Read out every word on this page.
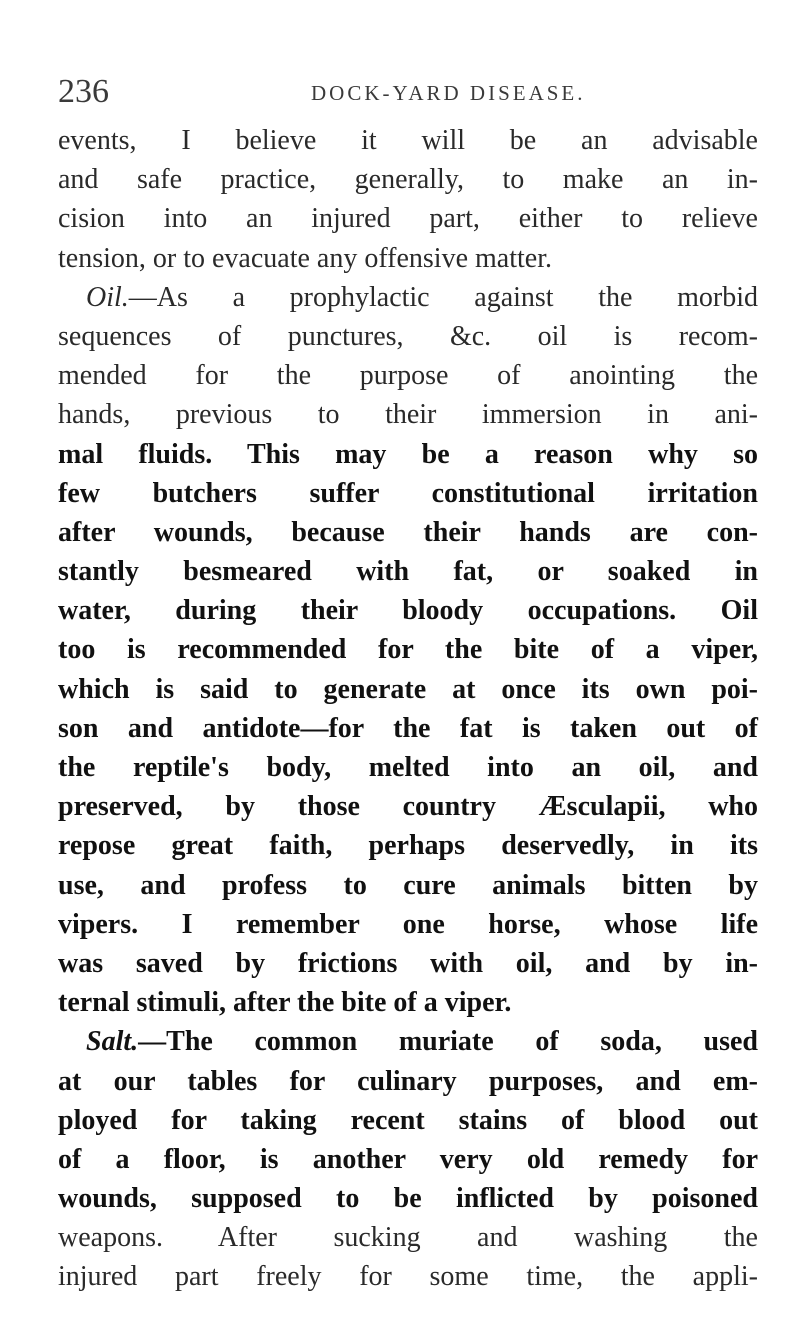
236	DOCK-YARD DISEASE.
events, I believe it will be an advisable
and safe practice, generally, to make an in-
cision into an injured part, either to relieve
tension, or to evacuate any offensive matter.
Oil.—As a prophylactic against the morbid
sequences of punctures, &c. oil is recom-
mended for the purpose of anointing the
hands, previous to their immersion in ani-
mal fluids. This may be a reason why so
few butchers suffer constitutional irritation
after wounds, because their hands are con-
stantly besmeared with fat, or soaked in
water, during their bloody occupations. Oil
too is recommended for the bite of a viper,
which is said to generate at once its own poi-
son and antidote—for the fat is taken out of
the reptile's body, melted into an oil, and
preserved, by those country Æsculapii, who
repose great faith, perhaps deservedly, in its
use, and profess to cure animals bitten by
vipers. I remember one horse, whose life
was saved by frictions with oil, and by in-
ternal stimuli, after the bite of a viper.
Salt.—The common muriate of soda, used
at our tables for culinary purposes, and em-
ployed for taking recent stains of blood out
of a floor, is another very old remedy for
wounds, supposed to be inflicted by poisoned
weapons. After sucking and washing the
injured part freely for some time, the appli-
